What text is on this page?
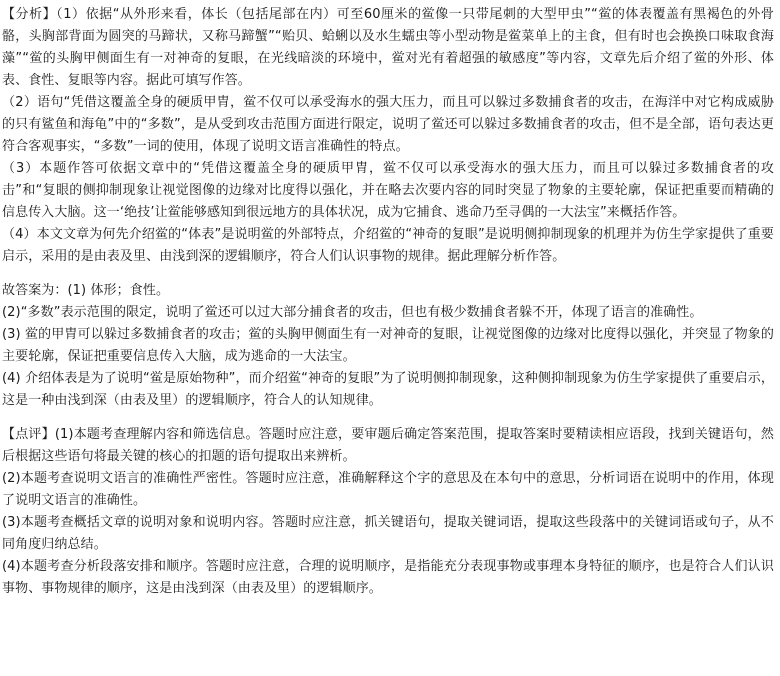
【分析】（1）依据“从外形来看，体长（包括尾部在内）可至60厘米的鲎像一只带尾刺的大型甲虫”“鲎的体表覆盖有黑褐色的外骨骼，头胸部背面为圆突的马蹄状，又称马蹄蟹”“贻贝、蛤蜊以及水生蠕虫等小型动物是鲎菜单上的主食，但有时也会换换口味取食海藻”“鲎的头胸甲侧面生有一对神奇的复眼，在光线暗淡的环境中，鲎对光有着超强的敏感度”等内容，文章先后介绍了鲎的外形、体表、食性、复眼等内容。据此可填写作答。

（2）语句“凭借这覆盖全身的硬质甲胄，鲎不仅可以承受海水的强大压力，而且可以躲过多数捕食者的攻击，在海洋中对它构成威胁的只有鲨鱼和海龟”中的“多数”，是从受到攻击范围方面进行限定，说明了鲎还可以躲过多数捕食者的攻击，但不是全部，语句表达更符合客观事实，“多数”一词的使用，体现了说明文语言准确性的特点。

（3）本题作答可依据文章中的“凭借这覆盖全身的硬质甲胄，鲎不仅可以承受海水的强大压力，而且可以躲过多数捕食者的攻击”和“复眼的侧抑制现象让视觉图像的边缘对比度得以强化，并在略去次要内容的同时突显了物象的主要轮廓，保证把重要而精确的信息传入大脑。这一‘绝技’让鲎能够感知到很远地方的具体状况，成为它捕食、逃命乃至寻偶的一大法宝”来概括作答。

（4）本文文章为何先介绍鲎的“体表”是说明鲎的外部特点，介绍鲎的“神奇的复眼”是说明侧抑制现象的机理并为仿生学家提供了重要启示，采用的是由表及里、由浅到深的逻辑顺序，符合人们认识事物的规律。据此理解分析作答。

故答案为：(1) 体形；食性。

(2)“多数”表示范围的限定，说明了鲎还可以过大部分捕食者的攻击，但也有极少数捕食者躲不开，体现了语言的准确性。

(3) 鲎的甲胄可以躲过多数捕食者的攻击；鲎的头胸甲侧面生有一对神奇的复眼，让视觉图像的边缘对比度得以强化，并突显了物象的主要轮廓，保证把重要信息传入大脑，成为逃命的一大法宝。

(4) 介绍体表是为了说明“鲎是原始物种”，而介绍鲎“神奇的复眼”为了说明侧抑制现象，这种侧抑制现象为仿生学家提供了重要启示，这是一种由浅到深（由表及里）的逻辑顺序，符合人的认知规律。

【点评】(1)本题考查理解内容和筛选信息。答题时应注意，要审题后确定答案范围，提取答案时要精读相应语段，找到关键语句，然后根据这些语句将最关键的核心的扣题的语句提取出来辨析。

(2)本题考查说明文语言的准确性严密性。答题时应注意，准确解释这个字的意思及在本句中的意思，分析词语在说明中的作用，体现了说明文语言的准确性。

(3)本题考查概括文章的说明对象和说明内容。答题时应注意，抓关键语句，提取关键词语，提取这些段落中的关键词语或句子，从不同角度归纳总结。

(4)本题考查分析段落安排和顺序。答题时应注意，合理的说明顺序，是指能充分表现事物或事理本身特征的顺序，也是符合人们认识事物、事物规律的顺序，这是由浅到深（由表及里）的逻辑顺序。
